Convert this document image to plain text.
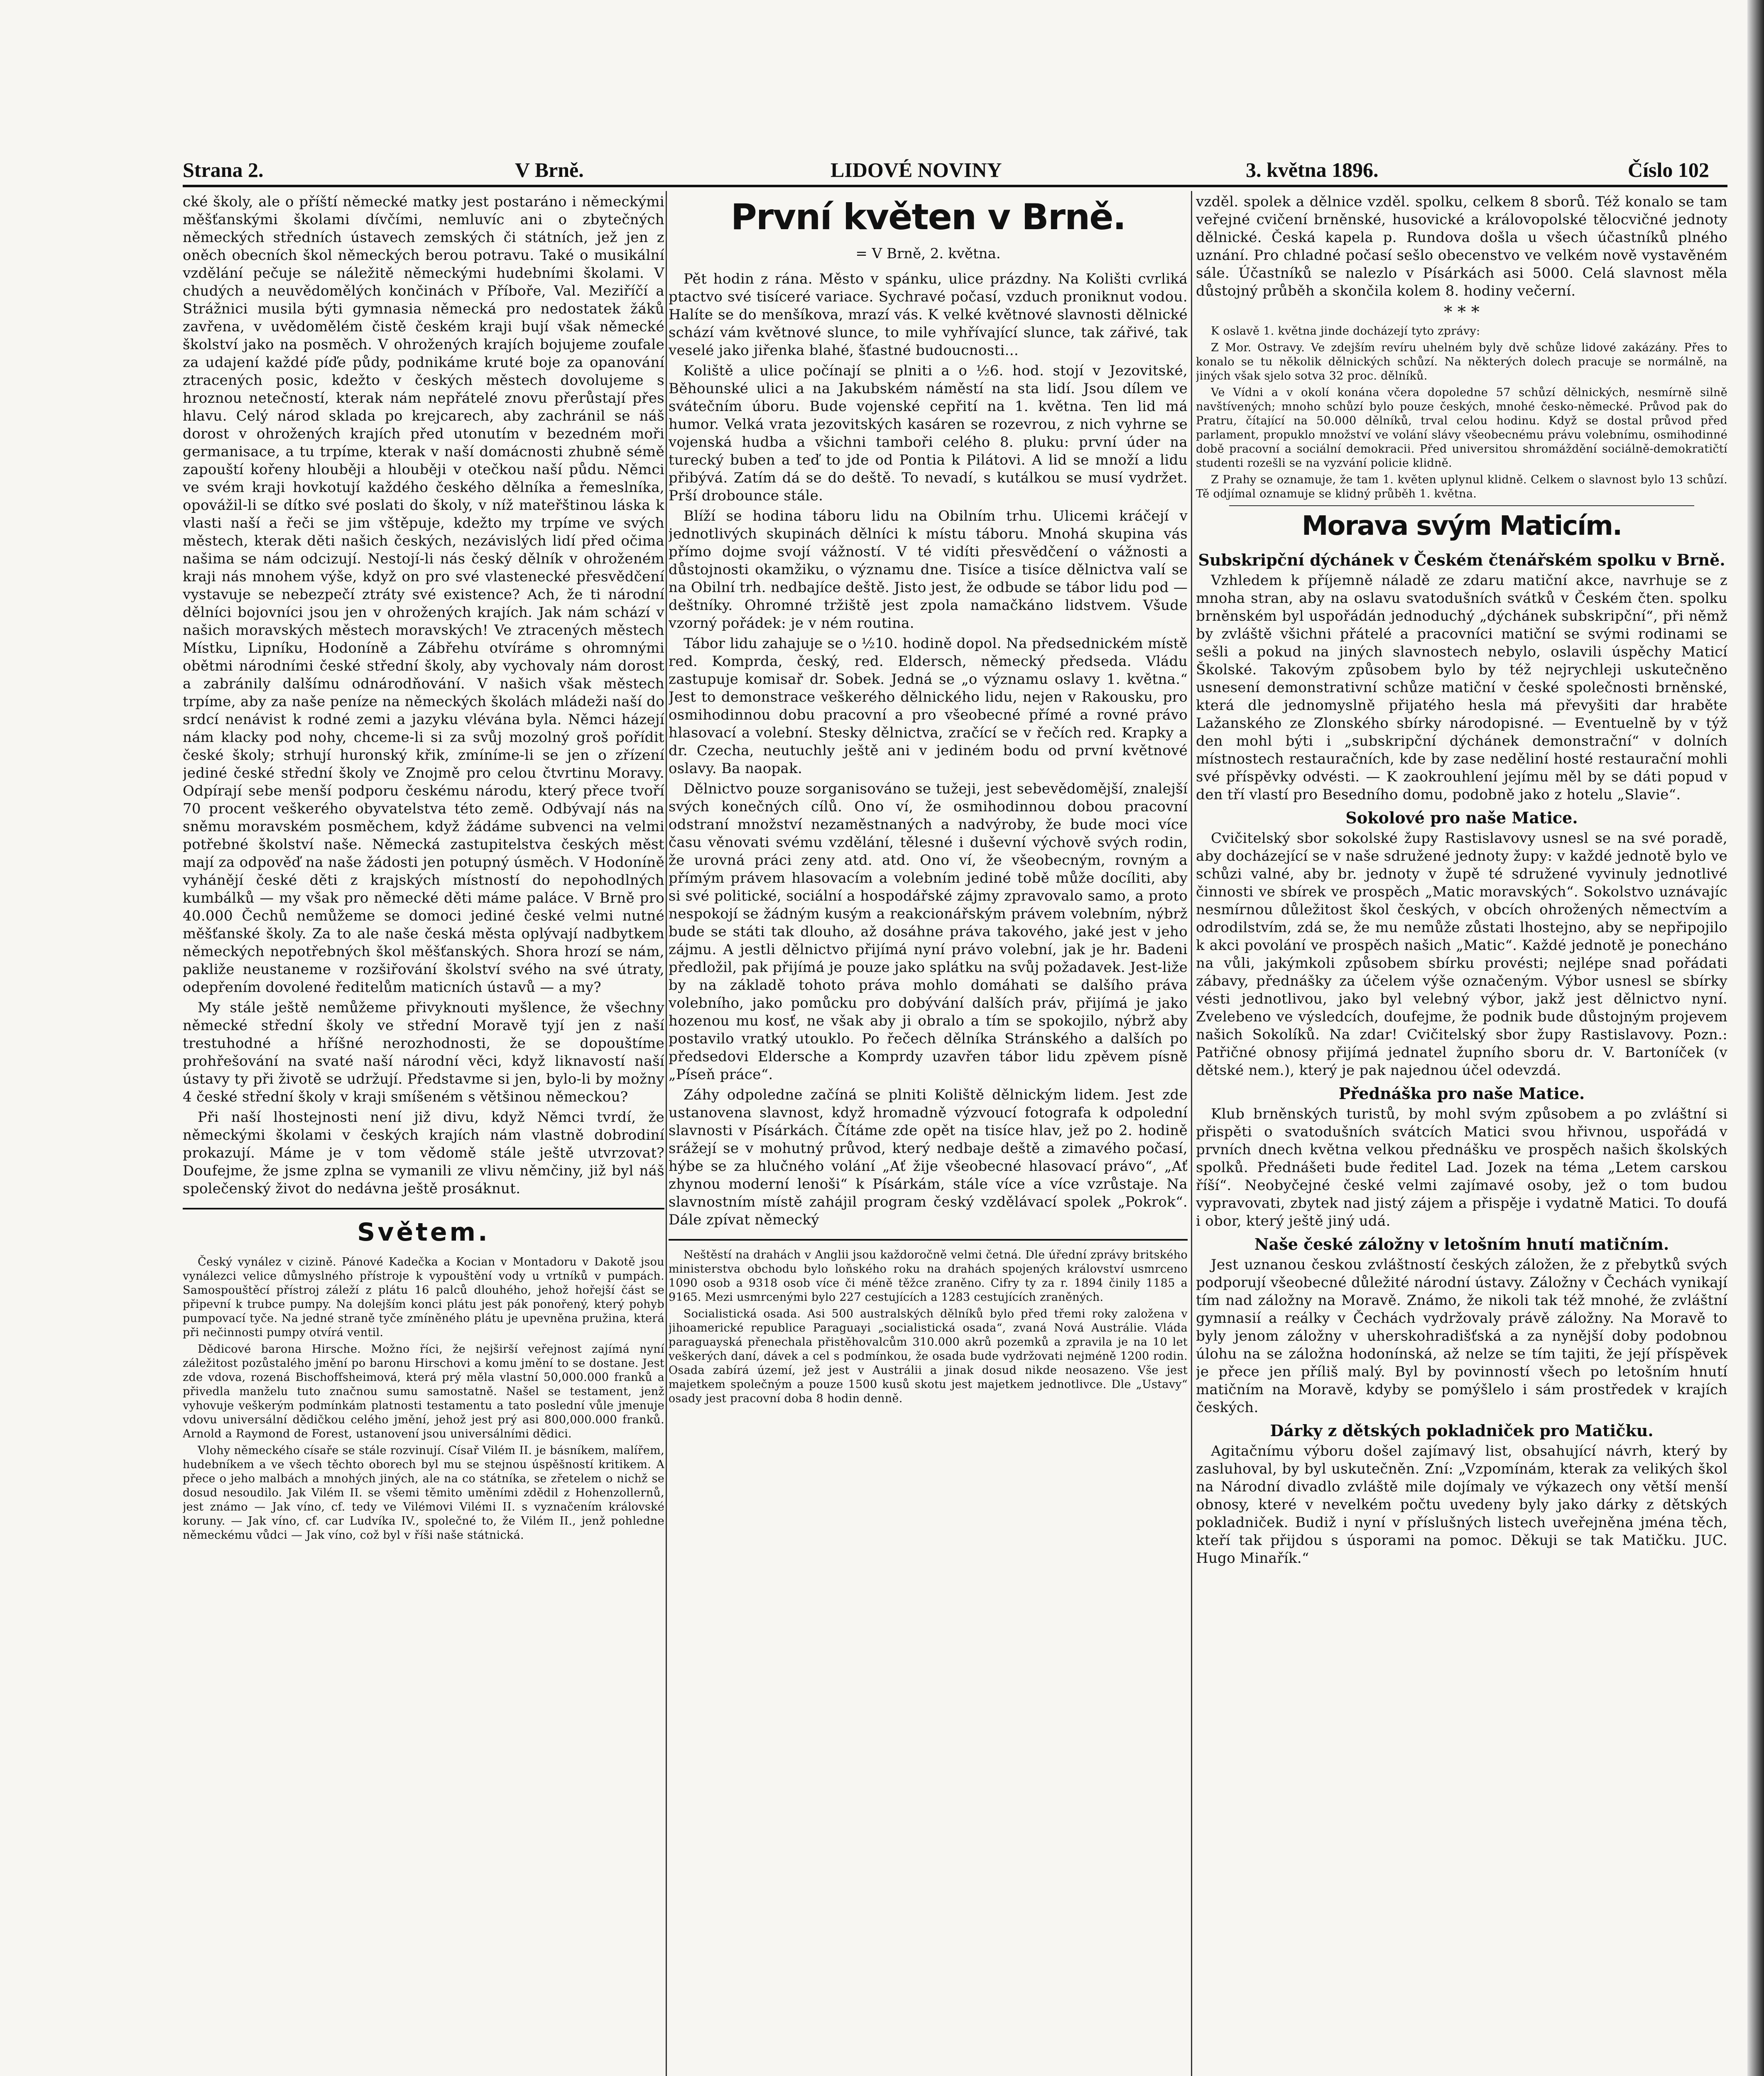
Strana 2.	V Brně.	LIDOVÉ NOVINY	3. května 1896.	Číslo 102

cké školy, ale o příští německé matky jest postaráno i německými měšťanskými školami dívčími, nemluvíc ani o zbytečných německých středních ústavech zemských či státních, jež jen z oněch obecních škol německých berou potravu. Také o musikální vzdělání pečuje se náležitě německými hudebními školami. V chudých a neuvědomělých končinách v Příboře, Val. Meziříčí a Strážnici musila býti gymnasia německá pro nedostatek žáků zavřena, v uvědomělém čistě českém kraji bují však německé školství jako na posměch. V ohrožených krajích bojujeme zoufale za udajení každé píďe půdy, podnikáme kruté boje za opanování ztracených posic, kdežto v českých městech dovolujeme s hroznou netečností, kterak nám nepřátelé znovu přerůstají přes hlavu. Celý národ sklada po krejcarech, aby zachránil se náš dorost v ohrožených krajích před utonutím v bezedném moři germanisace, a tu trpíme, kterak v naší domácnosti zhubně sémě zapouští kořeny hlouběji a hlouběji v otečkou naší půdu. Němci ve svém kraji hovkotují každého českého dělníka a řemeslníka, opovážil-li se dítko své poslati do školy, v níž mateřštinou láska k vlasti naší a řeči se jim vštěpuje, kdežto my trpíme ve svých městech, kterak děti našich českých, nezávislých lidí před očima našima se nám odcizují. Nestojí-li nás český dělník v ohroženém kraji nás mnohem výše, když on pro své vlastenecké přesvědčení vystavuje se nebezpečí ztráty své existence? Ach, že ti národní dělníci bojovníci jsou jen v ohrožených krajích. Jak nám schází v našich moravských městech moravských! Ve ztracených městech Místku, Lipníku, Hodoníně a Zábřehu otvíráme s ohromnými obětmi národními české střední školy, aby vychovaly nám dorost a zabránily dalšímu odnárodňování. V našich však městech trpíme, aby za naše peníze na německých školách mládeži naší do srdcí nenávist k rodné zemi a jazyku vlévána byla. Němci házejí nám klacky pod nohy, chceme-li si za svůj mozolný groš pořídit české školy; strhují huronský křik, zmíníme-li se jen o zřízení jediné české střední školy ve Znojmě pro celou čtvrtinu Moravy. Odpírají sebe menší podporu českému národu, který přece tvoří 70 procent veškerého obyvatelstva této země. Odbývají nás na sněmu moravském posměchem, když žádáme subvenci na velmi potřebné školství naše. Německá zastupitelstva českých měst mají za odpověď na naše žádosti jen potupný úsměch. V Hodoníně vyhánějí české děti z krajských místností do nepohodlných kumbálků — my však pro německé děti máme paláce. V Brně pro 40.000 Čechů nemůžeme se domoci jediné české velmi nutné měšťanské školy. Za to ale naše česká města oplývají nadbytkem německých nepotřebných škol měšťanských. Shora hrozí se nám, pakliže neustaneme v rozšiřování školství svého na své útraty, odepřením dovolené ředitelům maticních ústavů — a my?

My stále ještě nemůžeme přivyknouti myšlence, že všechny německé střední školy ve střední Moravě tyjí jen z naší trestuhodné a hříšné nerozhodnosti, že se dopouštíme prohřešování na svaté naší národní věci, když liknavostí naší ústavy ty při životě se udržují. Představme si jen, bylo-li by možny 4 české střední školy v kraji smíšeném s většinou německou?

Při naší lhostejnosti není již divu, když Němci tvrdí, že německými školami v českých krajích nám vlastně dobrodiní prokazují. Máme je v tom vědomě stále ještě utvrzovat? Doufejme, že jsme zplna se vymanili ze vlivu němčiny, již byl náš společenský život do nedávna ještě prosáknut.

Světem.

Český vynález v cizině. Pánové Kadečka a Kocian v Montadoru v Dakotě jsou vynálezci velice důmyslného přístroje k vypouštění vody u vrtníků v pumpách. Samospouštěcí přístroj záleží z plátu 16 palců dlouhého, jehož hořejší část se připevní k trubce pumpy. Na dolejším konci plátu jest pák ponořený, který pohyb pumpovací tyče. Na jedné straně tyče zmíněného plátu je upevněna pružina, která při nečinnosti pumpy otvírá ventil.

Dědicové barona Hirsche. Možno říci, že nejširší veřejnost zajímá nyní záležitost pozůstalého jmění po baronu Hirschovi a komu jmění to se dostane. Jest zde vdova, rozená Bischoffsheimová, která prý měla vlastní 50,000.000 franků a přivedla manželu tuto značnou sumu samostatně. Našel se testament, jenž vyhovuje veškerým podmínkám platnosti testamentu a tato poslední vůle jmenuje vdovu universální dědičkou celého jmění, jehož jest prý asi 800,000.000 franků. Arnold a Raymond de Forest, ustanovení jsou universálními dědici.

Vlohy německého císaře se stále rozvinují. Císař Vilém II. je básníkem, malířem, hudebníkem a ve všech těchto oborech byl mu se stejnou úspěšností kritikem. A přece o jeho malbách a mnohých jiných, ale na co státníka, se zřetelem o nichž se dosud nesoudilo. Jak Vilém II. se všemi těmito uměními zdědil z Hohenzollernů, jest známo — Jak víno, cf. tedy ve Vilémovi Vilémi II. s vyznačením královské koruny. — Jak víno, cf. car Ludvíka IV., společné to, že Vilém II., jenž pohledne německému vůdci — Jak víno, což byl v říši naše státnická.

První květen v Brně.
= V Brně, 2. května.

Pět hodin z rána. Město v spánku, ulice prázdny. Na Kolišti cvrliká ptactvo své tisíceré variace. Sychravé počasí, vzduch proniknut vodou. Halíte se do menšíkova, mrazí vás. K velké květnové slavnosti dělnické schází vám květnové slunce, to mile vyhřívající slunce, tak zářivé, tak veselé jako jiřenka blahé, šťastné budoucnosti...

Koliště a ulice počínají se plniti a o ½6. hod. stojí v Jezovitské, Běhounské ulici a na Jakubském náměstí na sta lidí. Jsou dílem ve svátečním úboru. Bude vojenské cepřití na 1. května. Ten lid má humor. Velká vrata jezovitských kasáren se rozevrou, z nich vyhrne se vojenská hudba a všichni tamboři celého 8. pluku: první úder na turecký buben a teď to jde od Pontia k Pilátovi. A lid se množí a lidu přibývá. Zatím dá se do deště. To nevadí, s kutálkou se musí vydržet. Prší drobounce stále.

Blíží se hodina táboru lidu na Obilním trhu. Ulicemi kráčejí v jednotlivých skupinách dělníci k místu táboru. Mnohá skupina vás přímo dojme svojí vážností. V té vidíti přesvědčení o vážnosti a důstojnosti okamžiku, o významu dne. Tisíce a tisíce dělnictva valí se na Obilní trh. nedbajíce deště. Jisto jest, že odbude se tábor lidu pod — deštníky. Ohromné tržiště jest zpola namačkáno lidstvem. Všude vzorný pořádek: je v ném routina.

Tábor lidu zahajuje se o ½10. hodině dopol. Na předsednickém místě red. Komprda, český, red. Eldersch, německý předseda. Vládu zastupuje komisař dr. Sobek. Jedná se „o významu oslavy 1. května.“ Jest to demonstrace veškerého dělnického lidu, nejen v Rakousku, pro osmihodinnou dobu pracovní a pro všeobecné přímé a rovné právo hlasovací a volební. Stesky dělnictva, zračící se v řečích red. Krapky a dr. Czecha, neutuchly ještě ani v jediném bodu od první květnové oslavy. Ba naopak.

Dělnictvo pouze sorganisováno se tužeji, jest sebevědomější, znalejší svých konečných cílů. Ono ví, že osmihodinnou dobou pracovní odstraní množství nezaměstnaných a nadvýroby, že bude moci více času věnovati svému vzdělání, tělesné i duševní výchově svých rodin, že urovná práci zeny atd. atd. Ono ví, že všeobecným, rovným a přímým právem hlasovacím a volebním jediné tobě může docíliti, aby si své politické, sociální a hospodářské zájmy zpravovalo samo, a proto nespokojí se žádným kusým a reakcionářským právem volebním, nýbrž bude se státi tak dlouho, až dosáhne práva takového, jaké jest v jeho zájmu. A jestli dělnictvo přijímá nyní právo volební, jak je hr. Badeni předložil, pak přijímá je pouze jako splátku na svůj požadavek. Jest-liže by na základě tohoto práva mohlo domáhati se dalšího práva volebního, jako pomůcku pro dobývání dalších práv, přijímá je jako hozenou mu kosť, ne však aby ji obralo a tím se spokojilo, nýbrž aby postavilo vratký utouklo. Po řečech dělníka Stránského a dalších po předsedovi Eldersche a Komprdy uzavřen tábor lidu zpěvem písně „Píseň práce“.

Záhy odpoledne začíná se plniti Koliště dělnickým lidem. Jest zde ustanovena slavnost, když hromadně výzvoucí fotografa k odpolední slavnosti v Písárkách. Čítáme zde opět na tisíce hlav, jež po 2. hodině srážejí se v mohutný průvod, který nedbaje deště a zimavého počasí, hýbe se za hlučného volání „Ať žije všeobecné hlasovací právo“, „Ať zhynou moderní lenoši“ k Písárkám, stále více a více vzrůstaje. Na slavnostním místě zahájil program český vzdělávací spolek „Pokrok“. Dále zpívat německý

Neštěstí na drahách v Anglii jsou každoročně velmi četná. Dle úřední zprávy britského ministerstva obchodu bylo loňského roku na drahách spojených království usmrceno 1090 osob a 9318 osob více či méně těžce zraněno. Cifry ty za r. 1894 činily 1185 a 9165. Mezi usmrcenými bylo 227 cestujících a 1283 cestujících zraněných.

Socialistická osada. Asi 500 australských dělníků bylo před třemi roky založena v jihoamerické republice Paraguayi „socialistická osada“, zvaná Nová Austrálie. Vláda paraguayská přenechala přistěhovalcům 310.000 akrů pozemků a zpravila je na 10 let veškerých daní, dávek a cel s podmínkou, že osada bude vydržovati nejméně 1200 rodin. Osada zabírá území, jež jest v Austrálii a jinak dosud nikde neosazeno. Vše jest majetkem společným a pouze 1500 kusů skotu jest majetkem jednotlivce. Dle „Ustavy“ osady jest pracovní doba 8 hodin denně.

vzděl. spolek a dělnice vzděl. spolku, celkem 8 sborů. Též konalo se tam veřejné cvičení brněnské, husovické a královopolské tělocvičné jednoty dělnické. Česká kapela p. Rundova došla u všech účastníků plného uznání. Pro chladné počasí sešlo obecenstvo ve velkém nově vystavěném sále. Účastníků se nalezlo v Písárkách asi 5000. Celá slavnost měla důstojný průběh a skončila kolem 8. hodiny večerní.

* * *

K oslavě 1. května jinde docházejí tyto zprávy:

Z Mor. Ostravy. Ve zdejším revíru uhelném byly dvě schůze lidové zakázány. Přes to konalo se tu několik dělnických schůzí. Na některých dolech pracuje se normálně, na jiných však sjelo sotva 32 proc. dělníků.

Ve Vídni a v okolí konána včera dopoledne 57 schůzí dělnických, nesmírně silně navštívených; mnoho schůzí bylo pouze českých, mnohé česko-německé. Průvod pak do Pratru, čítající na 50.000 dělníků, trval celou hodinu. Když se dostal průvod před parlament, propuklo množství ve volání slávy všeobecnému právu volebnímu, osmihodinné době pracovní a sociální demokracii. Před universitou shromáždění sociálně-demokratičtí studenti rozešli se na vyzvání policie klidně.

Z Prahy se oznamuje, že tam 1. květen uplynul klidně. Celkem o slavnost bylo 13 schůzí. Tě odjímal oznamuje se klidný průběh 1. května.

Morava svým Maticím.
Subskripční dýchánek v Českém čtenářském spolku v Brně.

Vzhledem k příjemně náladě ze zdaru matiční akce, navrhuje se z mnoha stran, aby na oslavu svatodušních svátků v Českém čten. spolku brněnském byl uspořádán jednoduchý „dýchánek subskripční“, při němž by zvláště všichni přátelé a pracovníci matiční se svými rodinami se sešli a pokud na jiných slavnostech nebylo, oslavili úspěchy Maticí Školské. Takovým způsobem bylo by též nejrychleji uskutečněno usnesení demonstrativní schůze matiční v české společnosti brněnské, která dle jednomyslně přijatého hesla má převyšiti dar hraběte Lažanského ze Zlonského sbírky národopisné. — Eventuelně by v týž den mohl býti i „subskripční dýchánek demonstrační“ v dolních místnostech restauračních, kde by zase neděliní hosté restaurační mohli své příspěvky odvésti. — K zaokrouhlení jejímu měl by se dáti popud v den tří vlastí pro Besedního domu, podobně jako z hotelu „Slavie“.

Sokolové pro naše Matice.

Cvičitelský sbor sokolské župy Rastislavovy usnesl se na své poradě, aby docházející se v naše sdružené jednoty župy: v každé jednotě bylo ve schůzi valné, aby br. jednoty v župě té sdružené vyvinuly jednotlivé činnosti ve sbírek ve prospěch „Matic moravských“. Sokolstvo uznávajíc nesmírnou důležitost škol českých, v obcích ohrožených němectvím a odrodilstvím, zdá se, že mu nemůže zůstati lhostejno, aby se nepřipojilo k akci povolání ve prospěch našich „Matic“. Každé jednotě je ponecháno na vůli, jakýmkoli způsobem sbírku provésti; nejlépe snad pořádati zábavy, přednášky za účelem výše označeným. Výbor usnesl se sbírky vésti jednotlivou, jako byl velebný výbor, jakž jest dělnictvo nyní. Zvelebeno ve výsledcích, doufejme, že podnik bude důstojným projevem našich Sokolíků. Na zdar! Cvičitelský sbor župy Rastislavovy. Pozn.: Patřičné obnosy přijímá jednatel župního sboru dr. V. Bartoníček (v dětské nem.), který je pak najednou účel odevzdá.

Přednáška pro naše Matice.

Klub brněnských turistů, by mohl svým způsobem a po zvláštní si přispěti o svatodušních svátcích Matici svou hřivnou, uspořádá v prvních dnech května velkou přednášku ve prospěch našich školských spolků. Přednášeti bude ředitel Lad. Jozek na téma „Letem carskou říší“. Neobyčejné české velmi zajímavé osoby, jež o tom budou vypravovati, zbytek nad jistý zájem a přispěje i vydatně Matici. To doufá i obor, který ještě jiný udá.

Naše české záložny v letošním hnutí matičním.

Jest uznanou českou zvláštností českých záložen, že z přebytků svých podporují všeobecné důležité národní ústavy. Záložny v Čechách vynikají tím nad záložny na Moravě. Známo, že nikoli tak též mnohé, že zvláštní gymnasií a reálky v Čechách vydržovaly právě záložny. Na Moravě to byly jenom záložny v uherskohradišťská a za nynější doby podobnou úlohu na se záložna hodonínská, až nelze se tím tajiti, že její příspěvek je přece jen příliš malý. Byl by povinností všech po letošním hnutí matičním na Moravě, kdyby se pomýšlelo i sám prostředek v krajích českých.

Dárky z dětských pokladniček pro Matičku.

Agitačnímu výboru došel zajímavý list, obsahující návrh, který by zasluhoval, by byl uskutečněn. Zní: „Vzpomínám, kterak za velikých škol na Národní divadlo zvláště mile dojímaly ve výkazech ony větší menší obnosy, které v nevelkém počtu uvedeny byly jako dárky z dětských pokladniček. Budiž i nyní v příslušných listech uveřejněna jména těch, kteří tak přijdou s úsporami na pomoc. Děkuji se tak Matičku. JUC. Hugo Minařík.“
